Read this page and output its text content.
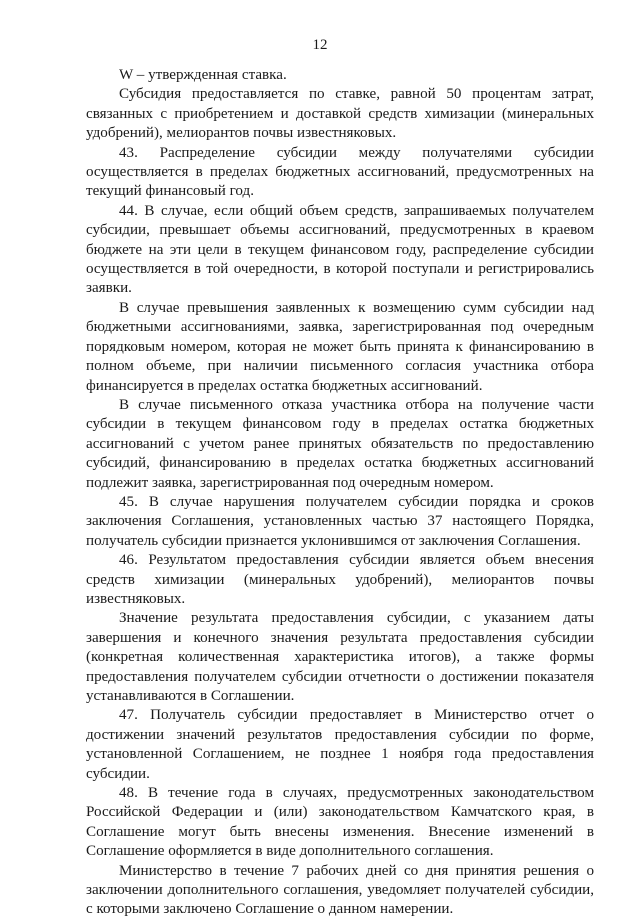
12

W – утвержденная ставка.

Субсидия предоставляется по ставке, равной 50 процентам затрат, связанных с приобретением и доставкой средств химизации (минеральных удобрений), мелиорантов почвы известняковых.

43. Распределение субсидии между получателями субсидии осуществляется в пределах бюджетных ассигнований, предусмотренных на текущий финансовый год.

44. В случае, если общий объем средств, запрашиваемых получателем субсидии, превышает объемы ассигнований, предусмотренных в краевом бюджете на эти цели в текущем финансовом году, распределение субсидии осуществляется в той очередности, в которой поступали и регистрировались заявки.

В случае превышения заявленных к возмещению сумм субсидии над бюджетными ассигнованиями, заявка, зарегистрированная под очередным порядковым номером, которая не может быть принята к финансированию в полном объеме, при наличии письменного согласия участника отбора финансируется в пределах остатка бюджетных ассигнований.

В случае письменного отказа участника отбора на получение части субсидии в текущем финансовом году в пределах остатка бюджетных ассигнований с учетом ранее принятых обязательств по предоставлению субсидий, финансированию в пределах остатка бюджетных ассигнований подлежит заявка, зарегистрированная под очередным номером.

45. В случае нарушения получателем субсидии порядка и сроков заключения Соглашения, установленных частью 37 настоящего Порядка, получатель субсидии признается уклонившимся от заключения Соглашения.

46. Результатом предоставления субсидии является объем внесения средств химизации (минеральных удобрений), мелиорантов почвы известняковых.

Значение результата предоставления субсидии, с указанием даты завершения и конечного значения результата предоставления субсидии (конкретная количественная характеристика итогов), а также формы предоставления получателем субсидии отчетности о достижении показателя устанавливаются в Соглашении.

47. Получатель субсидии предоставляет в Министерство отчет о достижении значений результатов предоставления субсидии по форме, установленной Соглашением, не позднее 1 ноября года предоставления субсидии.

48. В течение года в случаях, предусмотренных законодательством Российской Федерации и (или) законодательством Камчатского края, в Соглашение могут быть внесены изменения. Внесение изменений в Соглашение оформляется в виде дополнительного соглашения.

Министерство в течение 7 рабочих дней со дня принятия решения о заключении дополнительного соглашения, уведомляет получателей субсидии, с которыми заключено Соглашение о данном намерении.
